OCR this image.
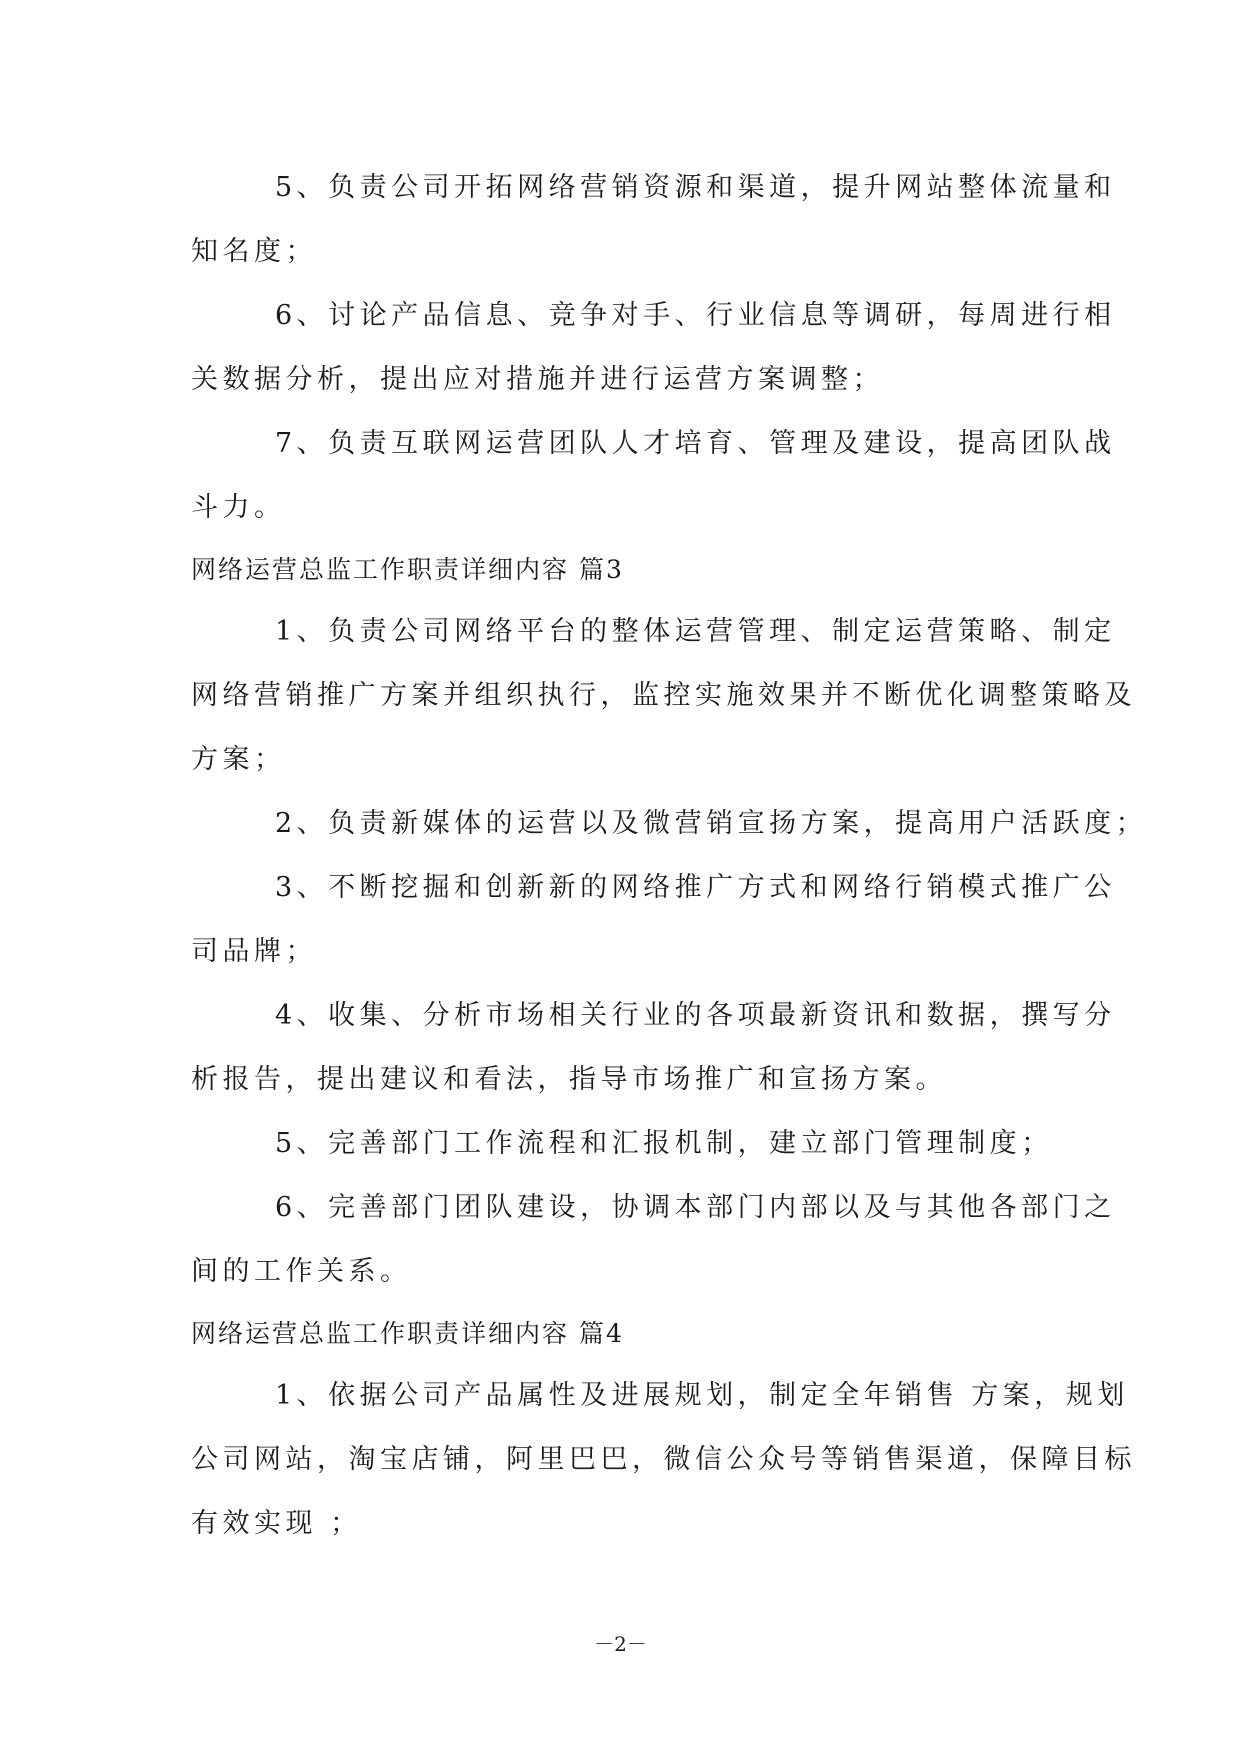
5、负责公司开拓网络营销资源和渠道，提升网站整体流量和
知名度；
6、讨论产品信息、竞争对手、行业信息等调研，每周进行相
关数据分析，提出应对措施并进行运营方案调整；
7、负责互联网运营团队人才培育、管理及建设，提高团队战
斗力。
网络运营总监工作职责详细内容 篇3
1、负责公司网络平台的整体运营管理、制定运营策略、制定
网络营销推广方案并组织执行，监控实施效果并不断优化调整策略及
方案；
2、负责新媒体的运营以及微营销宣扬方案，提高用户活跃度；
3、不断挖掘和创新新的网络推广方式和网络行销模式推广公
司品牌；
4、收集、分析市场相关行业的各项最新资讯和数据，撰写分
析报告，提出建议和看法，指导市场推广和宣扬方案。
5、完善部门工作流程和汇报机制，建立部门管理制度；
6、完善部门团队建设，协调本部门内部以及与其他各部门之
间的工作关系。
网络运营总监工作职责详细内容 篇4
1、依据公司产品属性及进展规划，制定全年销售 方案，规划
公司网站，淘宝店铺，阿里巴巴，微信公众号等销售渠道，保障目标
有效实现 ；
－2－
